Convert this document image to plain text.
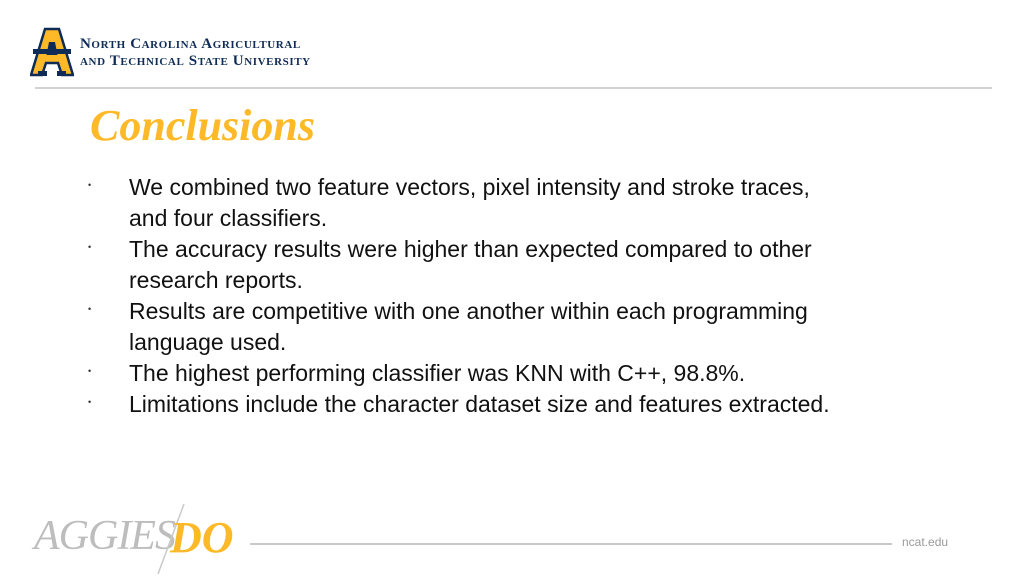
North Carolina Agricultural
and Technical State University
Conclusions
• We combined two feature vectors, pixel intensity and stroke traces, and four classifiers.
• The accuracy results were higher than expected compared to other research reports.
• Results are competitive with one another within each programming language used.
• The highest performing classifier was KNN with C++, 98.8%.
• Limitations include the character dataset size and features extracted.
AGGIES
DO	ncat.edu
